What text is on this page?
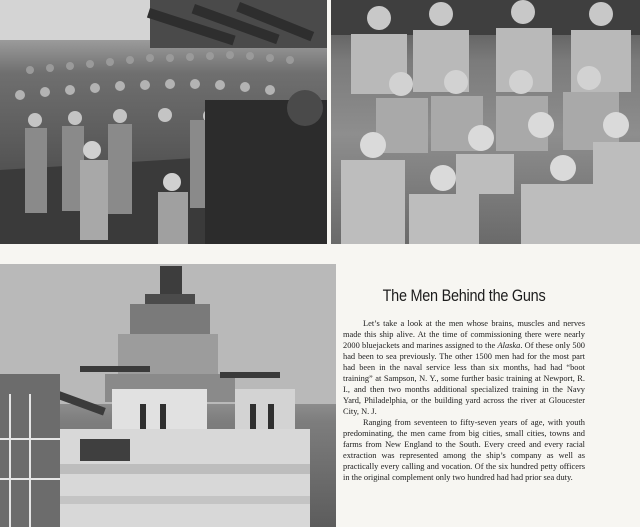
The Men Behind the Guns

Let’s take a look at the men whose brains, muscles and nerves made this ship alive. At the time of commissioning there were nearly 2000 bluejackets and marines assigned to the Alaska. Of these only 500 had been to sea previously. The other 1500 men had for the most part had been in the naval service less than six months, had had “boot training” at Sampson, N. Y., some further basic training at Newport, R. I., and then two months additional specialized training in the Navy Yard, Philadelphia, or the building yard across the river at Gloucester City, N. J.

Ranging from seventeen to fifty-seven years of age, with youth predominating, the men came from big cities, small cities, towns and farms from New England to the South. Every creed and every racial extraction was represented among the ship’s company as well as practically every calling and vocation. Of the six hundred petty officers in the original complement only two hundred had had prior sea duty.
